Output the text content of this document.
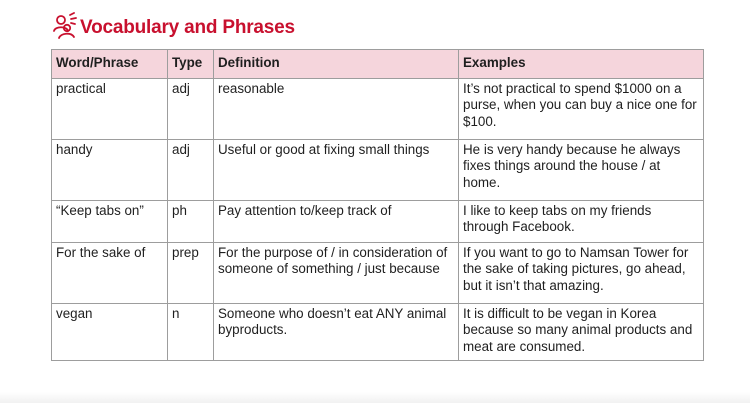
Vocabulary and Phrases
Word/Phrase	Type	Definition	Examples
practical	adj	reasonable	It’s not practical to spend $1000 on a purse, when you can buy a nice one for $100.
handy	adj	Useful or good at fixing small things	He is very handy because he always fixes things around the house / at home.
“Keep tabs on”	ph	Pay attention to/keep track of	I like to keep tabs on my friends through Facebook.
For the sake of	prep	For the purpose of / in consideration of someone of something / just because	If you want to go to Namsan Tower for the sake of taking pictures, go ahead, but it isn’t that amazing.
vegan	n	Someone who doesn’t eat ANY animal byproducts.	It is difficult to be vegan in Korea because so many animal products and meat are consumed.
